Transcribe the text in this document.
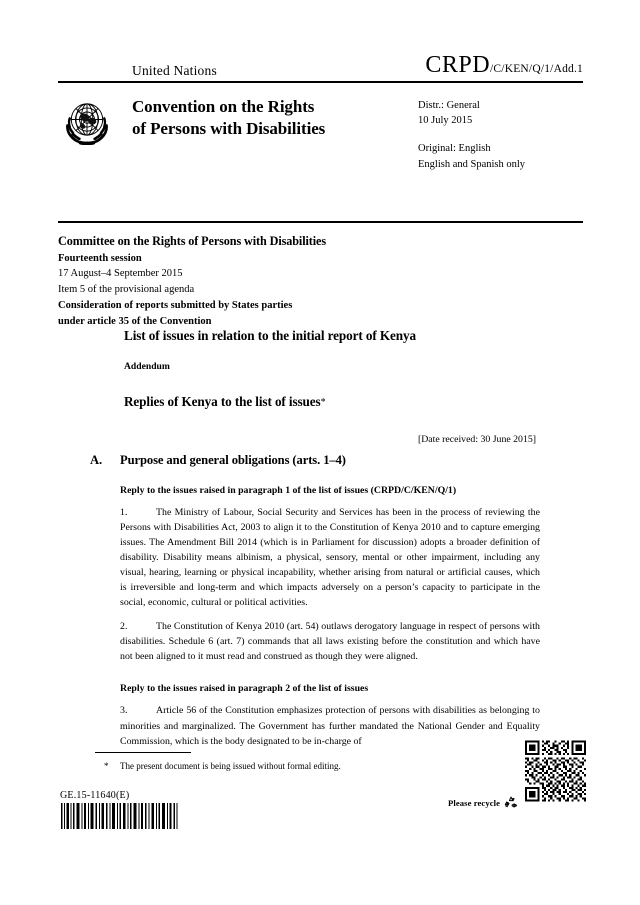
United Nations	CRPD /C/KEN/Q/1/Add.1
Convention on the Rights
of Persons with Disabilities
Distr.: General
10 July 2015
Original: English
English and Spanish only
Committee on the Rights of Persons with Disabilities
Fourteenth session
17 August–4 September 2015
Item 5 of the provisional agenda
Consideration of reports submitted by States parties
under article 35 of the Convention
List of issues in relation to the initial report of Kenya
Addendum
Replies of Kenya to the list of issues*
[Date received: 30 June 2015]
A.	Purpose and general obligations (arts. 1–4)
Reply to the issues raised in paragraph 1 of the list of issues (CRPD/C/KEN/Q/1)
1.	The Ministry of Labour, Social Security and Services has been in the process of reviewing the Persons with Disabilities Act, 2003 to align it to the Constitution of Kenya 2010 and to capture emerging issues. The Amendment Bill 2014 (which is in Parliament for discussion) adopts a broader definition of disability. Disability means albinism, a physical, sensory, mental or other impairment, including any visual, hearing, learning or physical incapability, whether arising from natural or artificial causes, which is irreversible and long-term and which impacts adversely on a person’s capacity to participate in the social, economic, cultural or political activities.
2.	The Constitution of Kenya 2010 (art. 54) outlaws derogatory language in respect of persons with disabilities. Schedule 6 (art. 7) commands that all laws existing before the constitution and which have not been aligned to it must read and construed as though they were aligned.
Reply to the issues raised in paragraph 2 of the list of issues
3.	Article 56 of the Constitution emphasizes protection of persons with disabilities as belonging to minorities and marginalized. The Government has further mandated the National Gender and Equality Commission, which is the body designated to be in-charge of
* The present document is being issued without formal editing.
GE.15-11640(E)
Please recycle
